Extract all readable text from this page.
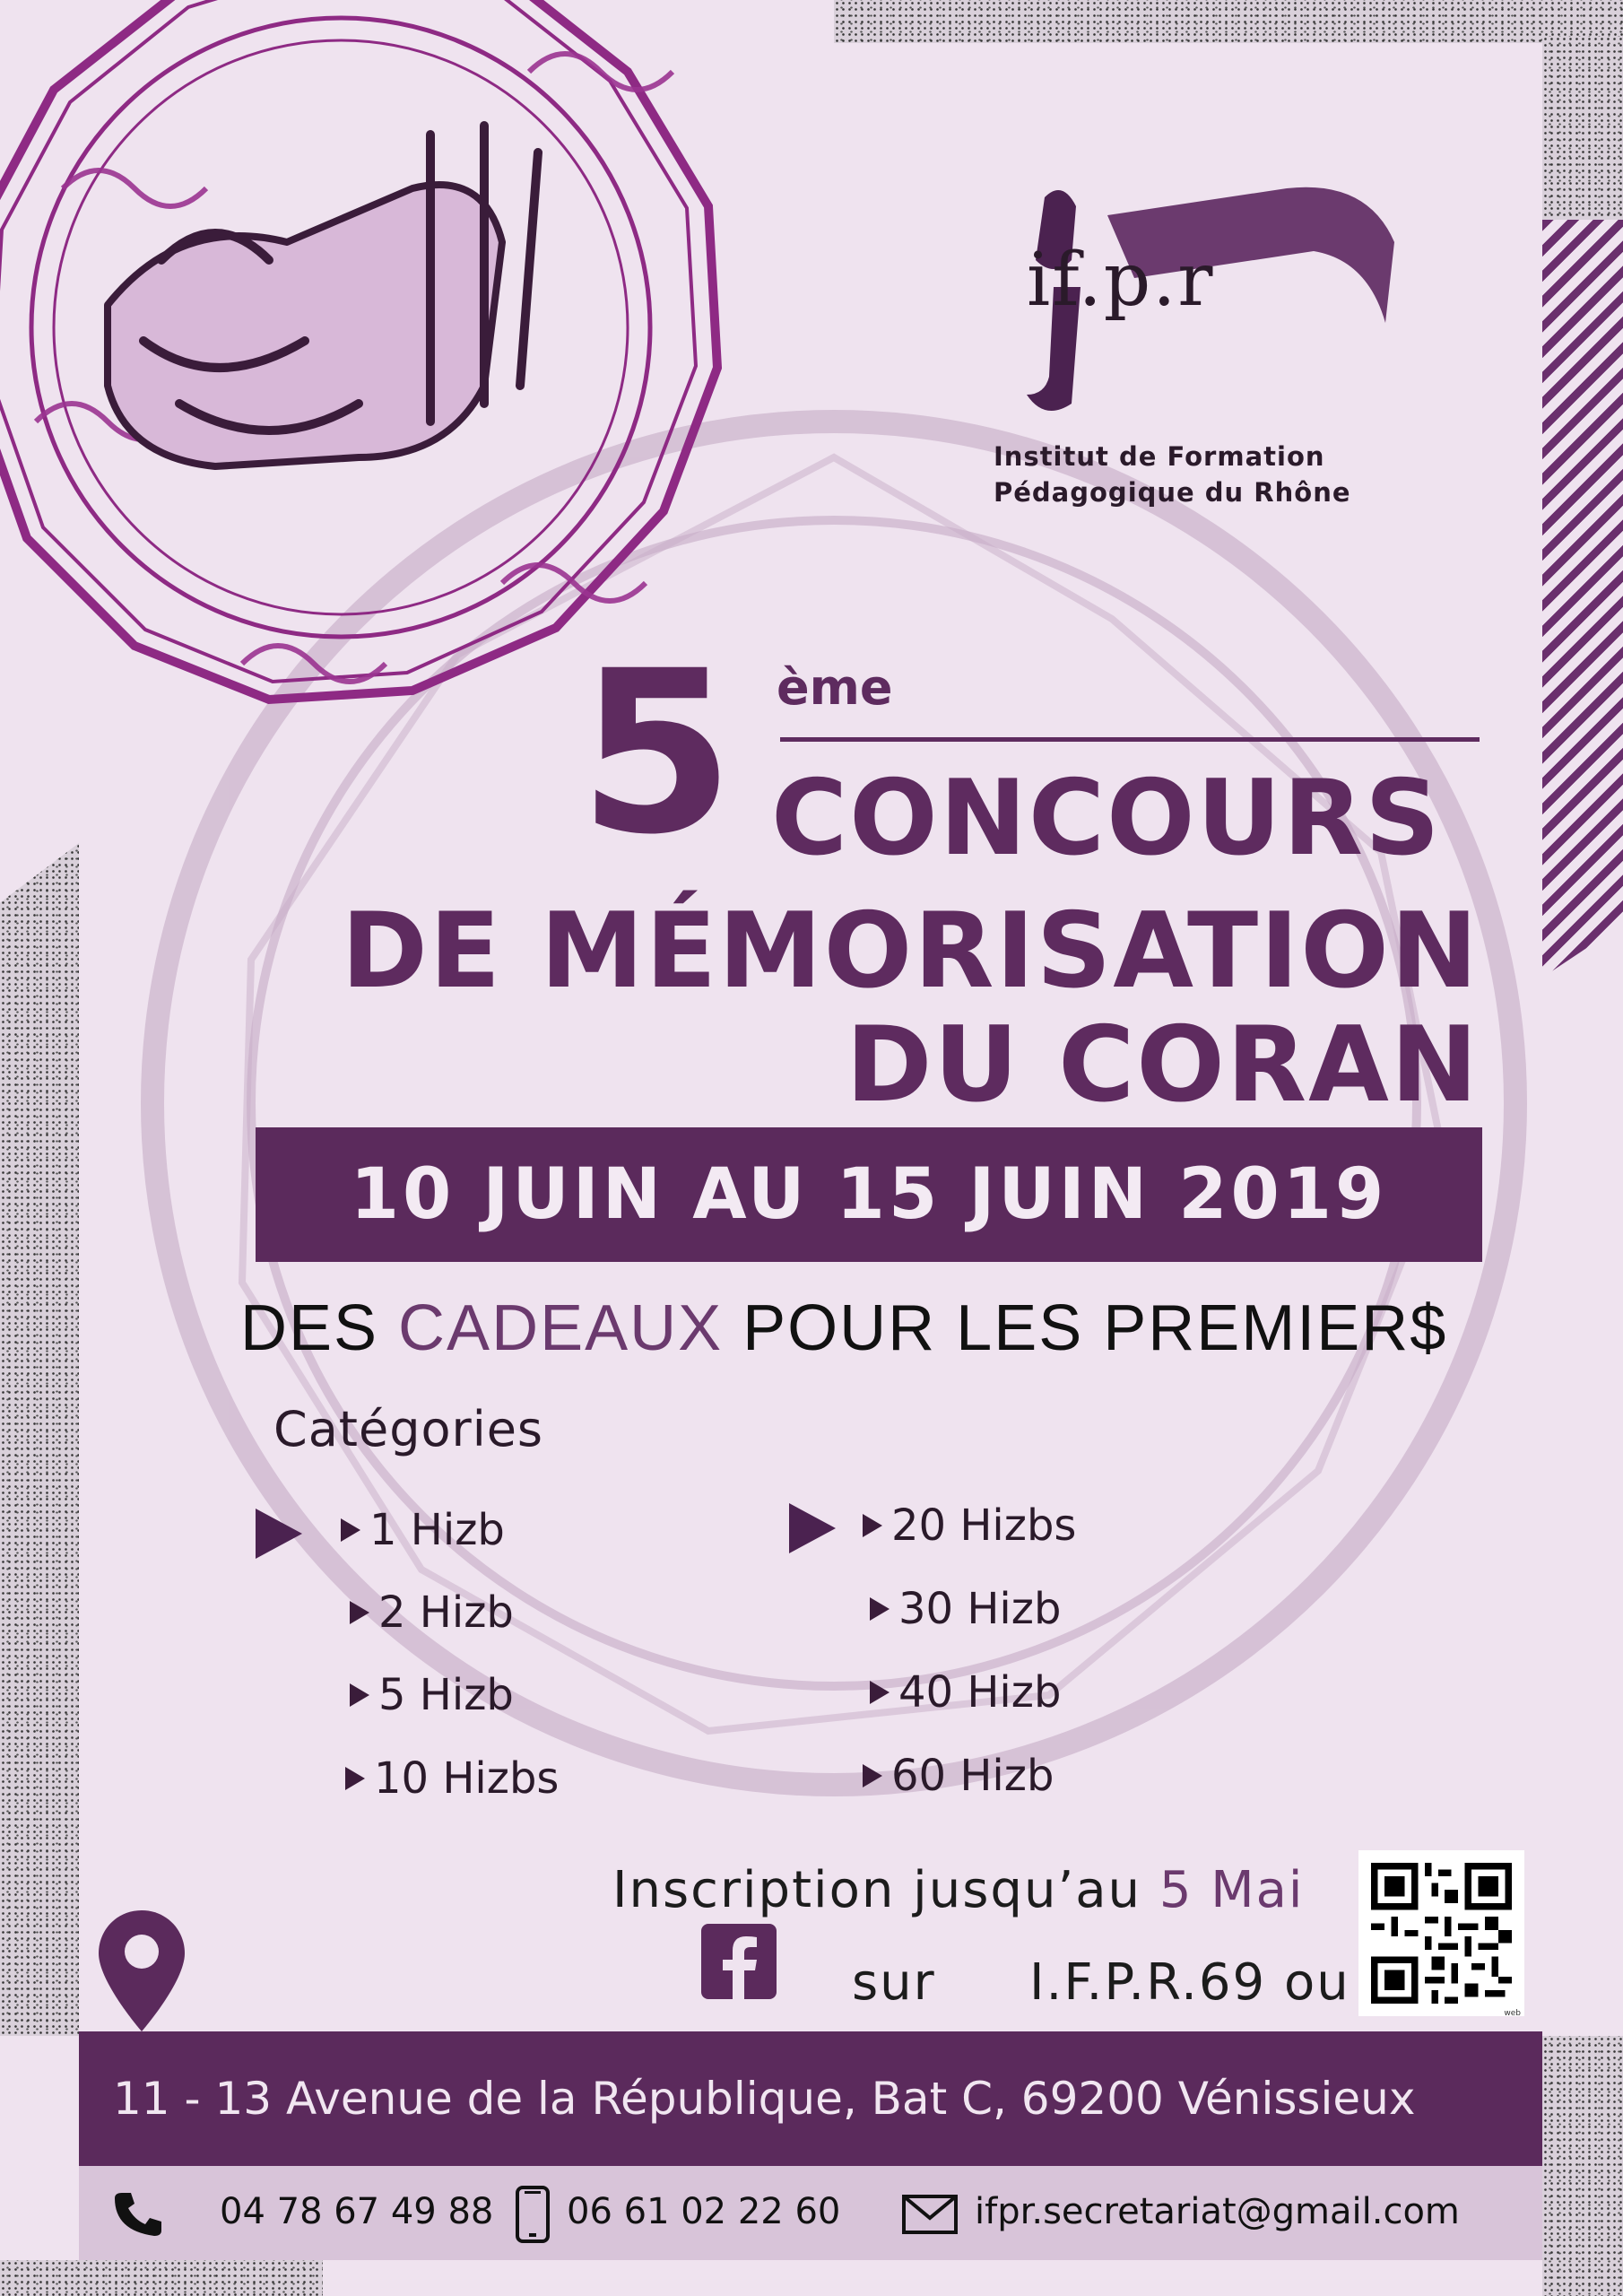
if.p.r
Institut de Formation
Pédagogique du Rhône
5 ème
CONCOURS
DE MÉMORISATION
DU CORAN
10 JUIN AU 15 JUIN 2019
DES CADEAUX POUR LES PREMIER$
Catégories
1 Hizb
2 Hizb
5 Hizb
10 Hizbs
20 Hizbs
30 Hizb
40 Hizb
60 Hizb
Inscription jusqu’au 5 Mai
sur I.F.P.R.69 ou
web
11 - 13 Avenue de la République, Bat C, 69200 Vénissieux
04 78 67 49 88 06 61 02 22 60	ifpr.secretariat@gmail.com
